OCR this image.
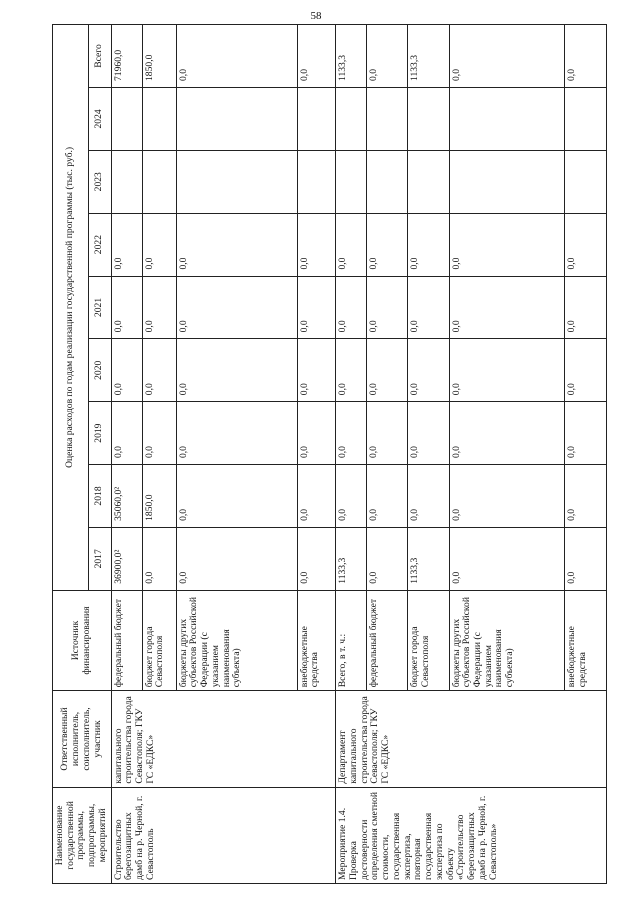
58
Наименование государственной программы, подпрограммы, мероприятий	Ответственный исполнитель, соисполнитель, участник	Источник финансирования	Оценка расходов по годам реализации государственной программы (тыс. руб.)								
			2017	2018	2019	2020	2021	2022	2023	2024	Всего
Строительство берегозащитных дамб на р. Черной, г. Севастополь	капитального строительства города Севастополя; ГКУ ГС «ЕДКС»	федеральный бюджет	36900,0²	35060,0²	0,0	0,0	0,0	0,0			71960,0
		бюджет города Севастополя	0,0	1850,0	0,0	0,0	0,0	0,0			1850,0
		бюджеты других субъектов Российской Федерации (с указанием наименования субъекта)	0,0	0,0	0,0	0,0	0,0	0,0			0,0
		внебюджетные средства	0,0	0,0	0,0	0,0	0,0	0,0			0,0
Мероприятие 1.4. Проверка достоверности определения сметной стоимости, государственная экспертиза, повторная государственная экспертиза по объекту «Строительство берегозащитных дамб на р. Черной, г. Севастополь»	Департамент капитального строительства города Севастополя; ГКУ ГС «ЕДКС»	Всего, в т. ч.:	1133,3	0,0	0,0	0,0	0,0	0,0			1133,3
		федеральный бюджет	0,0	0,0	0,0	0,0	0,0	0,0			0,0
		бюджет города Севастополя	1133,3	0,0	0,0	0,0	0,0	0,0			1133,3
		бюджеты других субъектов Российской Федерации (с указанием наименования субъекта)	0,0	0,0	0,0	0,0	0,0	0,0			0,0
		внебюджетные средства	0,0	0,0	0,0	0,0	0,0	0,0			0,0
